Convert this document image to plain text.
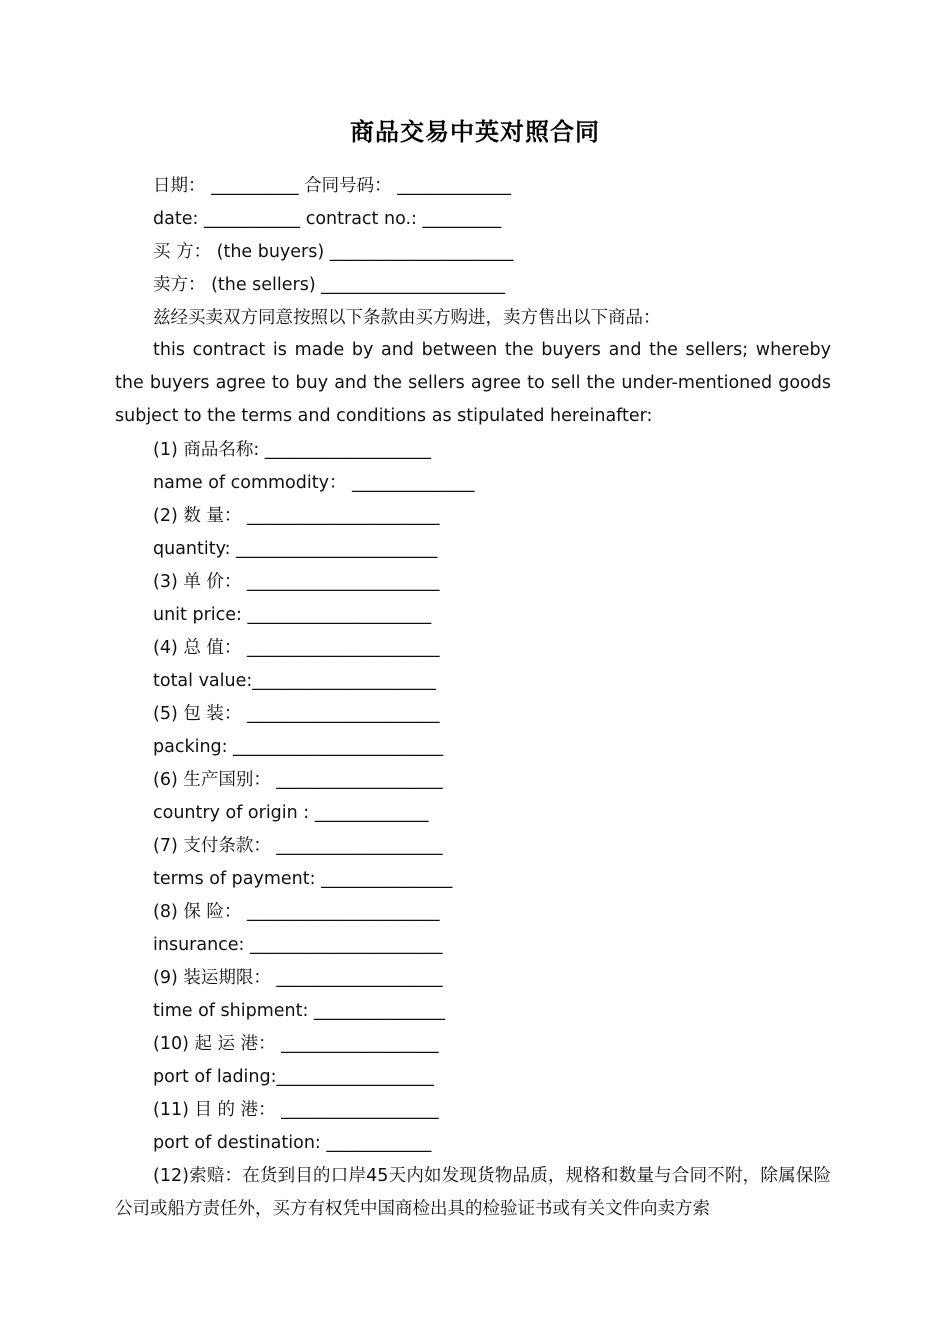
商品交易中英对照合同
日期： __________ 合同号码： _____________
date: ___________ contract no.: _________
买 方： (the buyers) _____________________
卖方： (the sellers) _____________________
兹经买卖双方同意按照以下条款由买方购进，卖方售出以下商品：
this contract is made by and between the buyers and the sellers; whereby the buyers agree to buy and the sellers agree to sell the under-mentioned goods subject to the terms and conditions as stipulated hereinafter:
(1) 商品名称: ___________________
name of commodity： ______________
(2) 数 量： ______________________
quantity: _______________________
(3) 单 价： ______________________
unit price: _____________________
(4) 总 值： ______________________
total value:_____________________
(5) 包 装： ______________________
packing: ________________________
(6) 生产国别： ___________________
country of origin : _____________
(7) 支付条款： ___________________
terms of payment: _______________
(8) 保 险： ______________________
insurance: ______________________
(9) 装运期限： ___________________
time of shipment: _______________
(10) 起 运 港： __________________
port of lading:__________________
(11) 目 的 港： __________________
port of destination: ____________
(12)索赔：在货到目的口岸45天内如发现货物品质，规格和数量与合同不附，除属保险公司或船方责任外，买方有权凭中国商检出具的检验证书或有关文件向卖方索
